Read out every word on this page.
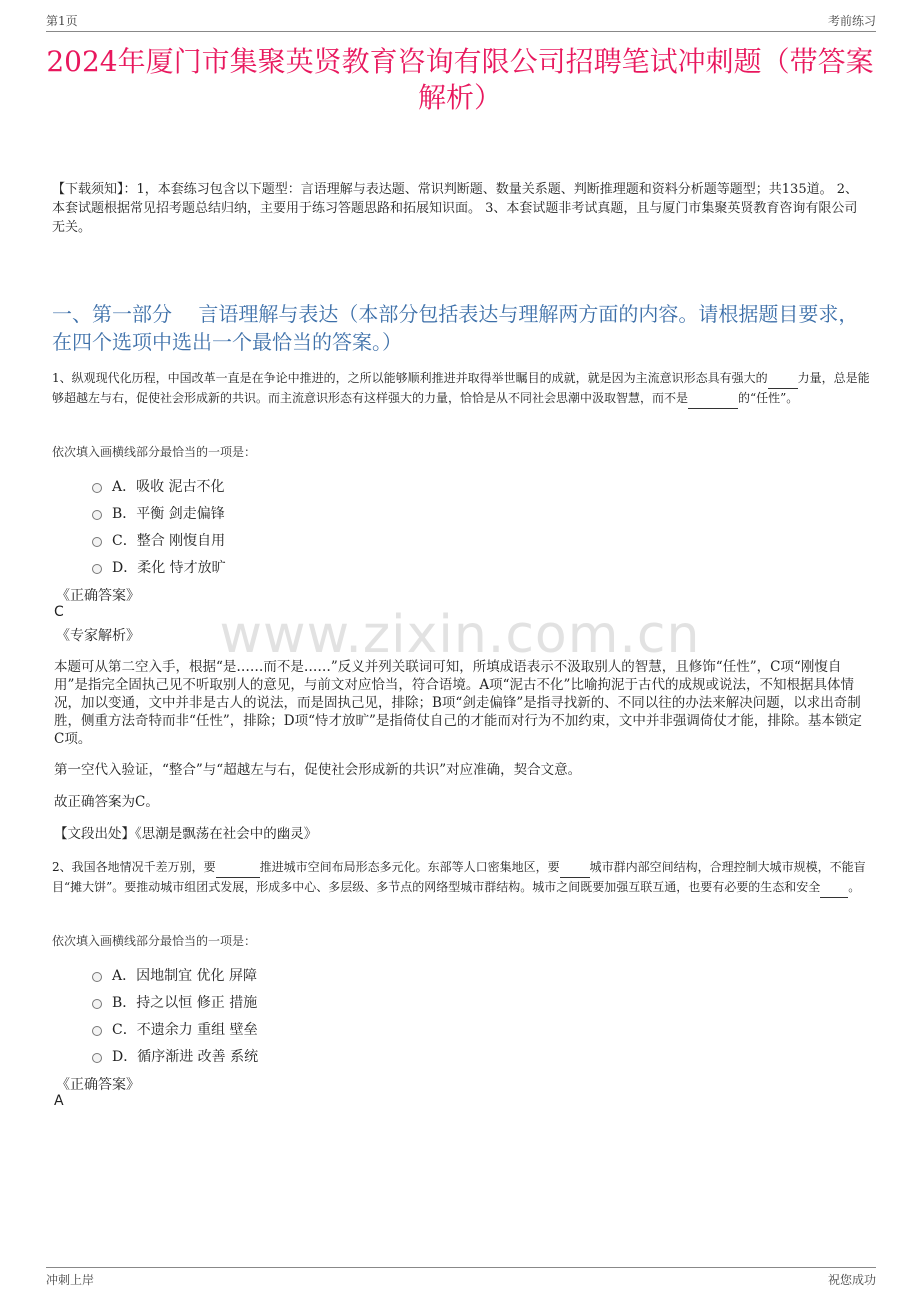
第1页	考前练习
2024年厦门市集聚英贤教育咨询有限公司招聘笔试冲刺题（带答案解析）
【下载须知】：1，本套练习包含以下题型：言语理解与表达题、常识判断题、数量关系题、判断推理题和资料分析题等题型；共135道。 2、本套试题根据常见招考题总结归纳，主要用于练习答题思路和拓展知识面。 3、本套试题非考试真题，且与厦门市集聚英贤教育咨询有限公司无关。
一、第一部分　 言语理解与表达（本部分包括表达与理解两方面的内容。请根据题目要求，在四个选项中选出一个最恰当的答案。）
1、纵观现代化历程，中国改革一直是在争论中推进的，之所以能够顺利推进并取得举世瞩目的成就，就是因为主流意识形态具有强大的	力量，总是能够超越左与右，促使社会形成新的共识。而主流意识形态有这样强大的力量，恰恰是从不同社会思潮中汲取智慧，而不是	的“任性”。
依次填入画横线部分最恰当的一项是：
A．吸收 泥古不化
B．平衡 剑走偏锋
C．整合 刚愎自用
D．柔化 恃才放旷
《正确答案》
C
《专家解析》
本题可从第二空入手，根据“是……而不是……”反义并列关联词可知，所填成语表示不汲取别人的智慧，且修饰“任性”，C项“刚愎自用”是指完全固执己见不听取别人的意见，与前文对应恰当，符合语境。A项“泥古不化”比喻拘泥于古代的成规或说法，不知根据具体情况，加以变通，文中并非是古人的说法，而是固执己见，排除；B项“剑走偏锋”是指寻找新的、不同以往的办法来解决问题，以求出奇制胜，侧重方法奇特而非“任性”，排除；D项“恃才放旷”是指倚仗自己的才能而对行为不加约束，文中并非强调倚仗才能，排除。基本锁定C项。
第一空代入验证，“整合”与“超越左与右，促使社会形成新的共识”对应准确，契合文意。
故正确答案为C。
【文段出处】《思潮是飘荡在社会中的幽灵》
2、我国各地情况千差万别，要	推进城市空间布局形态多元化。东部等人口密集地区，要	城市群内部空间结构，合理控制大城市规模，不能盲目“摊大饼”。要推动城市组团式发展，形成多中心、多层级、多节点的网络型城市群结构。城市之间既要加强互联互通，也要有必要的生态和安全 。
依次填入画横线部分最恰当的一项是：
A．因地制宜 优化 屏障
B．持之以恒 修正 措施
C．不遗余力 重组 壁垒
D．循序渐进 改善 系统
《正确答案》
A
www.zixin.com.cn
冲刺上岸	祝您成功
